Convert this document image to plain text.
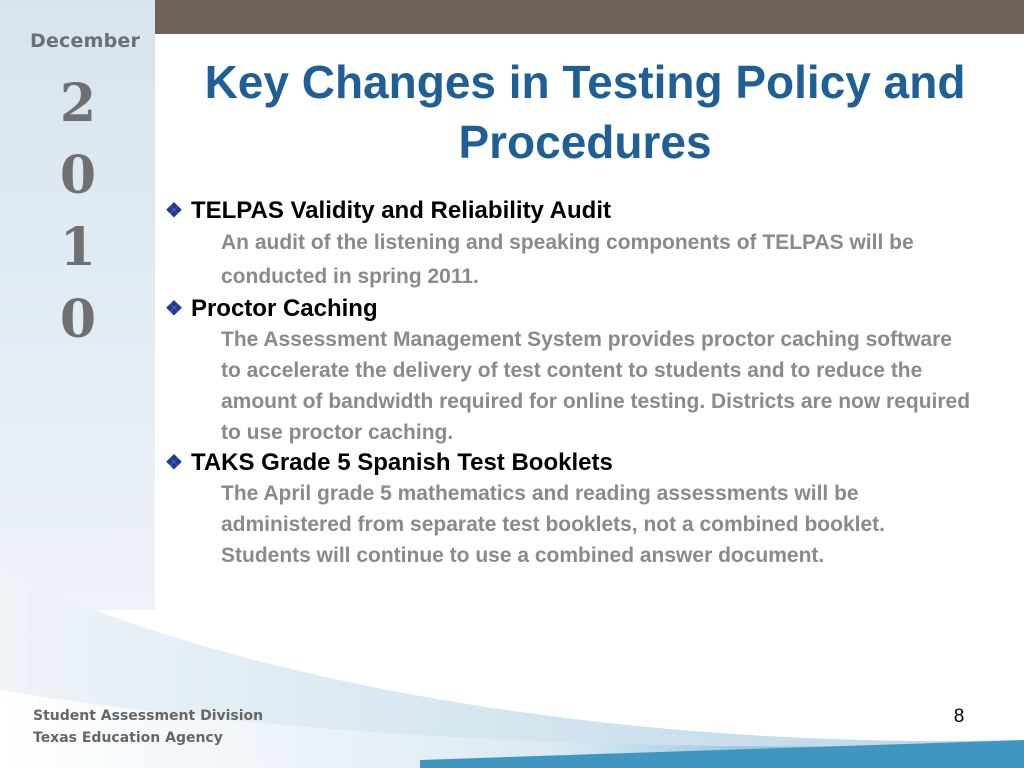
December
2
0
1
0
Student Assessment Division
Texas Education Agency
Key Changes in Testing Policy and Procedures
❖ TELPAS Validity and Reliability Audit
An audit of the listening and speaking components of TELPAS will be conducted in spring 2011.
❖ Proctor Caching
The Assessment Management System provides proctor caching software to accelerate the delivery of test content to students and to reduce the amount of bandwidth required for online testing. Districts are now required to use proctor caching.
❖ TAKS Grade 5 Spanish Test Booklets
The April grade 5 mathematics and reading assessments will be administered from separate test booklets, not a combined booklet. Students will continue to use a combined answer document.
8
